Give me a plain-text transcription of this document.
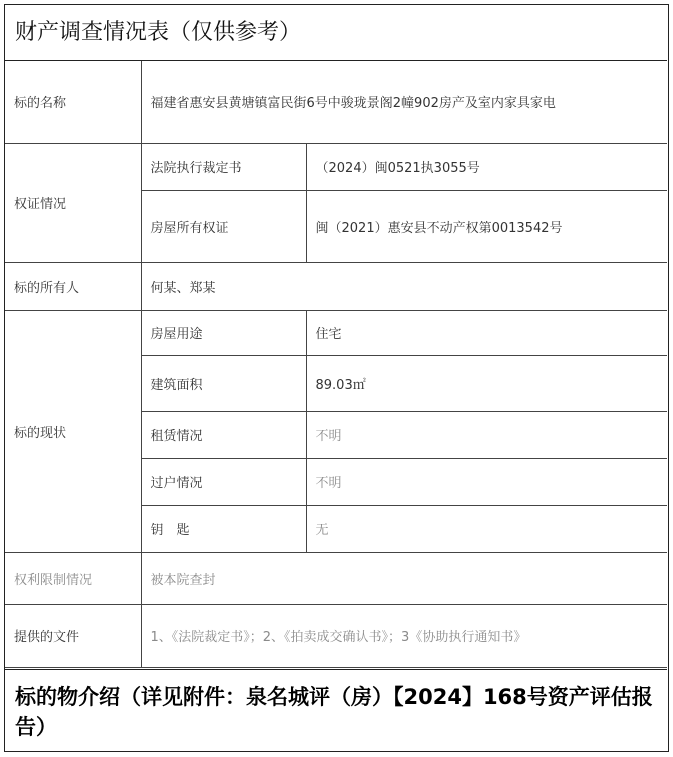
财产调查情况表（仅供参考）
标的名称	福建省惠安县黄塘镇富民街6号中骏珑景阁2幢902房产及室内家具家电	
权证情况	法院执行裁定书	（2024）闽0521执3055号
	房屋所有权证	闽（2021）惠安县不动产权第0013542号
标的所有人	何某、郑某	
标的现状	房屋用途	住宅
	建筑面积	89.03㎡
	租赁情况	不明
	过户情况	不明
	钥　匙	无
权利限制情况	被本院查封	
提供的文件	1、《法院裁定书》；2、《拍卖成交确认书》；3《协助执行通知书》	
标的物介绍（详见附件：泉名城评（房）【2024】168号资产评估报告）
